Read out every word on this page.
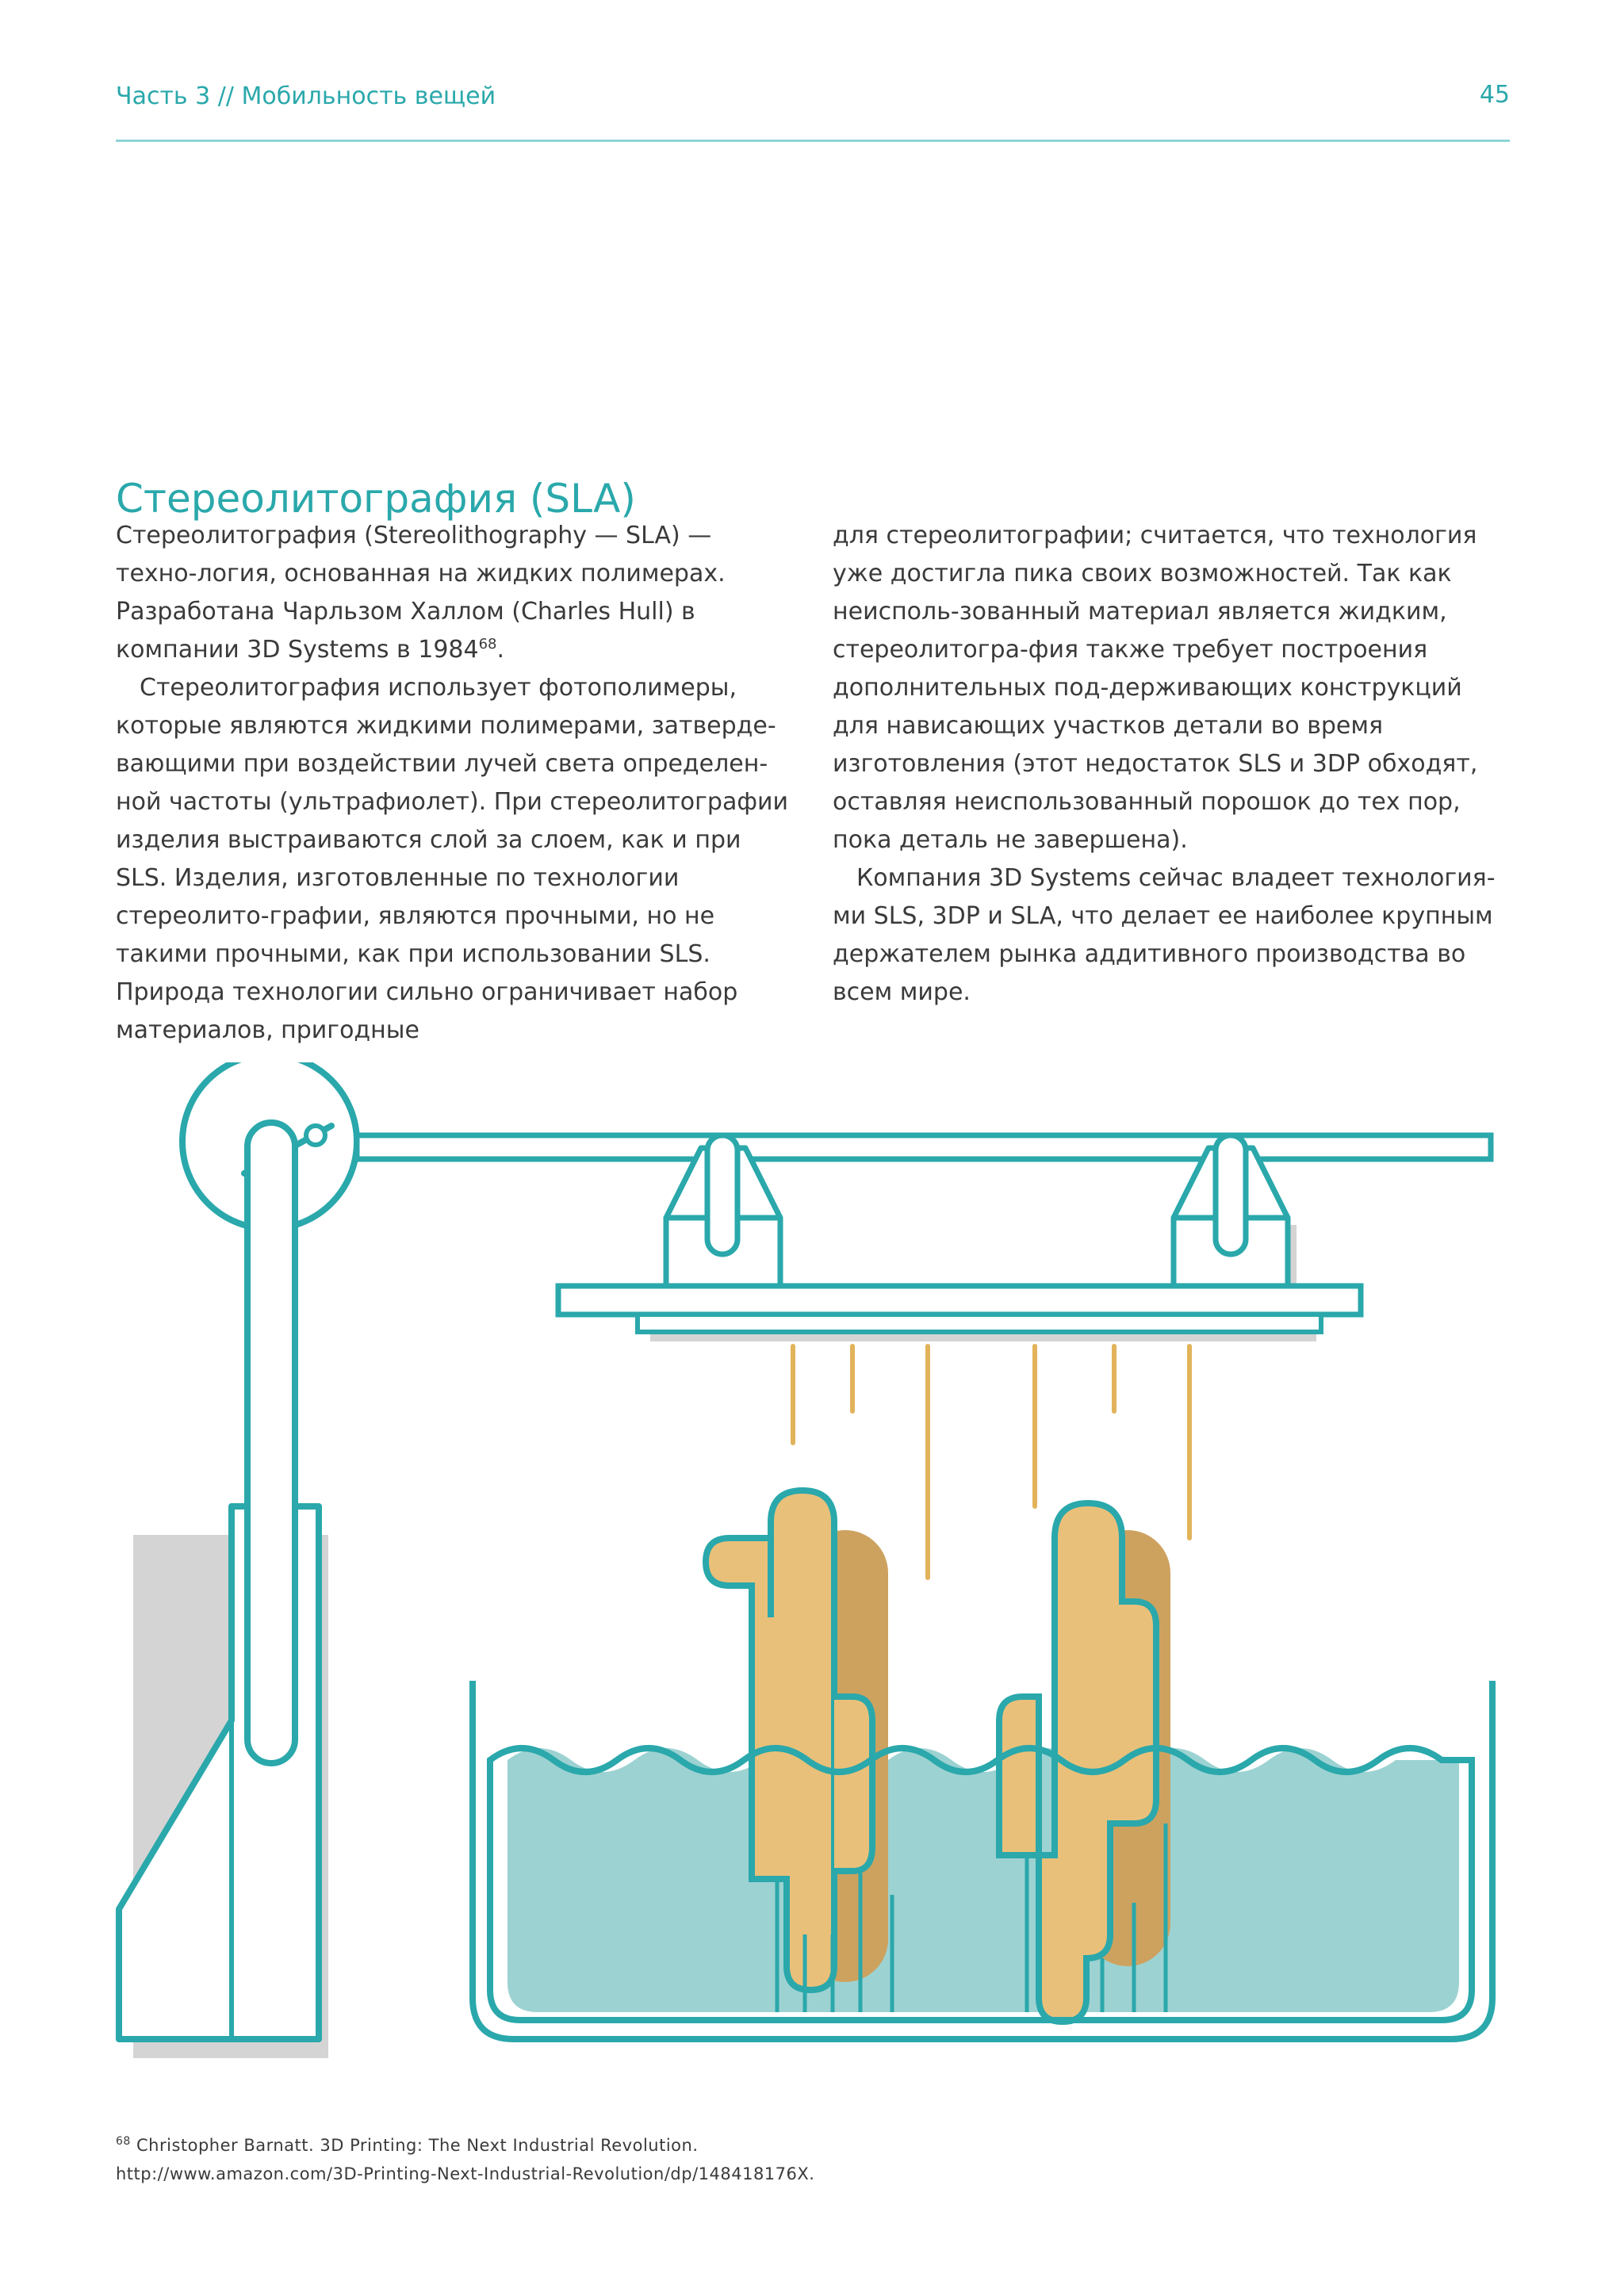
Часть 3 // Мобильность вещей	45
Стереолитография (SLA)

Стереолитография (Stereolithography — SLA) — техно-логия, основанная на жидких полимерах. Разработана Чарльзом Халлом (Charles Hull) в компании 3D Systems в 1984$^{68}$.

Стереолитография использует фотополимеры, которые являются жидкими полимерами, затверде-вающими при воздействии лучей света определен-ной частоты (ультрафиолет). При стереолитографии изделия выстраиваются слой за слоем, как и при SLS. Изделия, изготовленные по технологии стереолито-графии, являются прочными, но не такими прочными, как при использовании SLS. Природа технологии сильно ограничивает набор материалов, пригодные

для стереолитографии; считается, что технология уже достигла пика своих возможностей. Так как неисполь-зованный материал является жидким, стереолитогра-фия также требует построения дополнительных под-держивающих конструкций для нависающих участков детали во время изготовления (этот недостаток SLS и 3DP обходят, оставляя неиспользованный порошок до тех пор, пока деталь не завершена).

Компания 3D Systems сейчас владеет технология-ми SLS, 3DP и SLA, что делает ее наиболее крупным держателем рынка аддитивного производства во всем мире.

$^{68}$ Christopher Barnatt. 3D Printing: The Next Industrial Revolution.
http://www.amazon.com/3D-Printing-Next-Industrial-Revolution/dp/148418176X.
